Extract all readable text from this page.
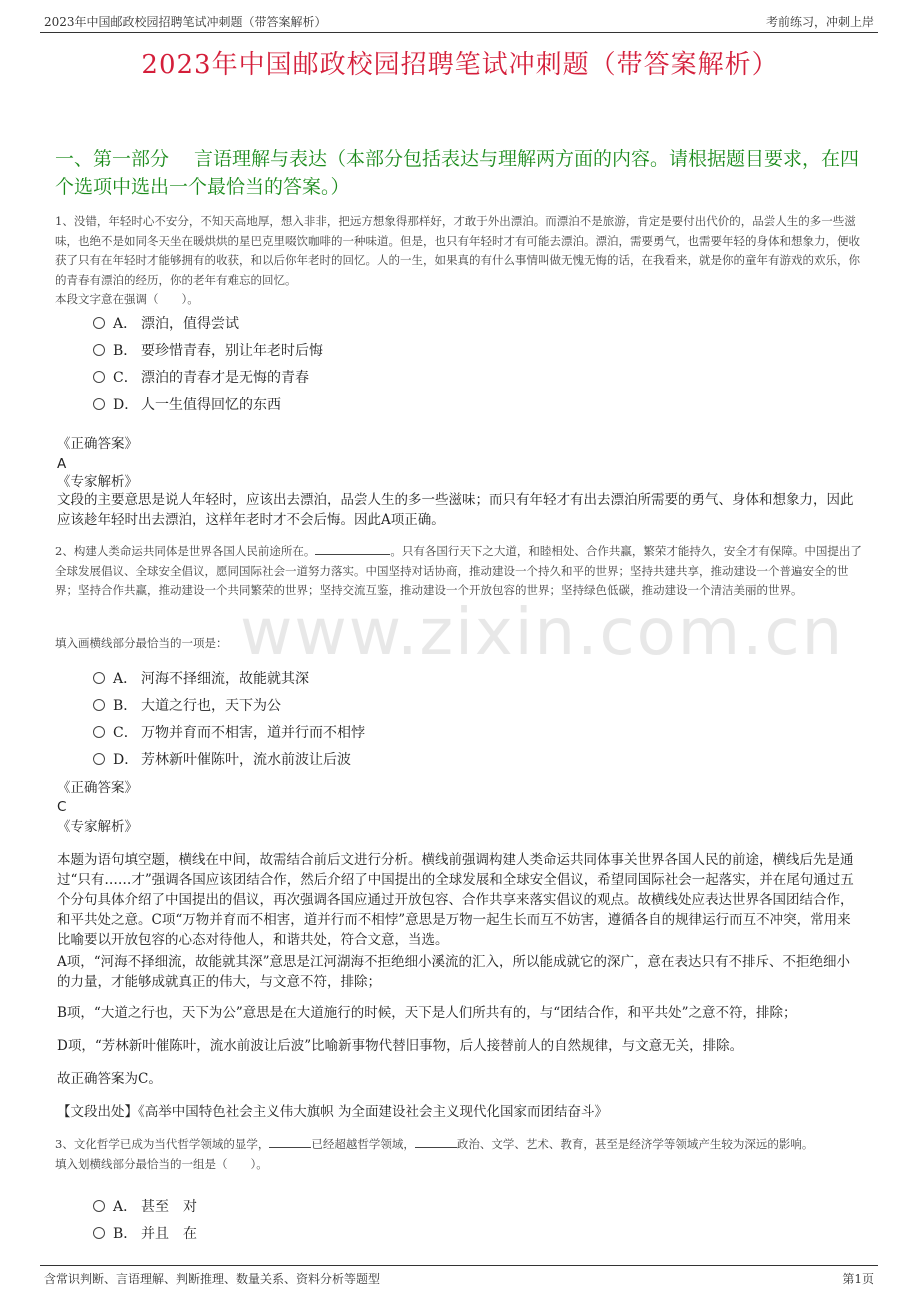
2023年中国邮政校园招聘笔试冲刺题（带答案解析）	考前练习，冲刺上岸
2023年中国邮政校园招聘笔试冲刺题（带答案解析）
一、第一部分　 言语理解与表达（本部分包括表达与理解两方面的内容。请根据题目要求，在四个选项中选出一个最恰当的答案。）
www.zixin.com.cn
1、没错，年轻时心不安分，不知天高地厚，想入非非，把远方想象得那样好，才敢于外出漂泊。而漂泊不是旅游，肯定是要付出代价的，品尝人生的多一些滋味，也绝不是如同冬天坐在暖烘烘的星巴克里啜饮咖啡的一种味道。但是，也只有年轻时才有可能去漂泊。漂泊，需要勇气，也需要年轻的身体和想象力，便收获了只有在年轻时才能够拥有的收获，和以后你年老时的回忆。人的一生，如果真的有什么事情叫做无愧无悔的话，在我看来，就是你的童年有游戏的欢乐，你的青春有漂泊的经历，你的老年有难忘的回忆。
本段文字意在强调（　　）。
A． 漂泊，值得尝试
B． 要珍惜青春，别让年老时后悔
C． 漂泊的青春才是无悔的青春
D． 人一生值得回忆的东西
《正确答案》
A
《专家解析》
文段的主要意思是说人年轻时，应该出去漂泊，品尝人生的多一些滋味；而只有年轻才有出去漂泊所需要的勇气、身体和想象力，因此应该趁年轻时出去漂泊，这样年老时才不会后悔。因此A项正确。
2、构建人类命运共同体是世界各国人民前途所在。	。只有各国行天下之大道，和睦相处、合作共赢，繁荣才能持久，安全才有保障。中国提出了全球发展倡议、全球安全倡议，愿同国际社会一道努力落实。中国坚持对话协商，推动建设一个持久和平的世界；坚持共建共享，推动建设一个普遍安全的世界；坚持合作共赢，推动建设一个共同繁荣的世界；坚持交流互鉴，推动建设一个开放包容的世界；坚持绿色低碳，推动建设一个清洁美丽的世界。
填入画横线部分最恰当的一项是：
A． 河海不择细流，故能就其深
B． 大道之行也，天下为公
C． 万物并育而不相害，道并行而不相悖
D． 芳林新叶催陈叶，流水前波让后波
《正确答案》
C
《专家解析》
本题为语句填空题，横线在中间，故需结合前后文进行分析。横线前强调构建人类命运共同体事关世界各国人民的前途，横线后先是通过“只有……才”强调各国应该团结合作，然后介绍了中国提出的全球发展和全球安全倡议，希望同国际社会一起落实，并在尾句通过五个分句具体介绍了中国提出的倡议，再次强调各国应通过开放包容、合作共享来落实倡议的观点。故横线处应表达世界各国团结合作，和平共处之意。C项“万物并育而不相害，道并行而不相悖”意思是万物一起生长而互不妨害，遵循各自的规律运行而互不冲突，常用来比喻要以开放包容的心态对待他人，和谐共处，符合文意，当选。
A项，“河海不择细流，故能就其深”意思是江河湖海不拒绝细小溪流的汇入，所以能成就它的深广，意在表达只有不排斥、不拒绝细小的力量，才能够成就真正的伟大，与文意不符，排除；
B项，“大道之行也，天下为公”意思是在大道施行的时候，天下是人们所共有的，与“团结合作，和平共处”之意不符，排除；
D项，“芳林新叶催陈叶，流水前波让后波”比喻新事物代替旧事物，后人接替前人的自然规律，与文意无关，排除。
故正确答案为C。
【文段出处】《高举中国特色社会主义伟大旗帜 为全面建设社会主义现代化国家而团结奋斗》
3、文化哲学已成为当代哲学领域的显学，	已经超越哲学领域，	政治、文学、艺术、教育，甚至是经济学等领域产生较为深远的影响。
填入划横线部分最恰当的一组是（　　）。
A． 甚至　对
B． 并且　在
含常识判断、言语理解、判断推理、数量关系、资料分析等题型	第1页
